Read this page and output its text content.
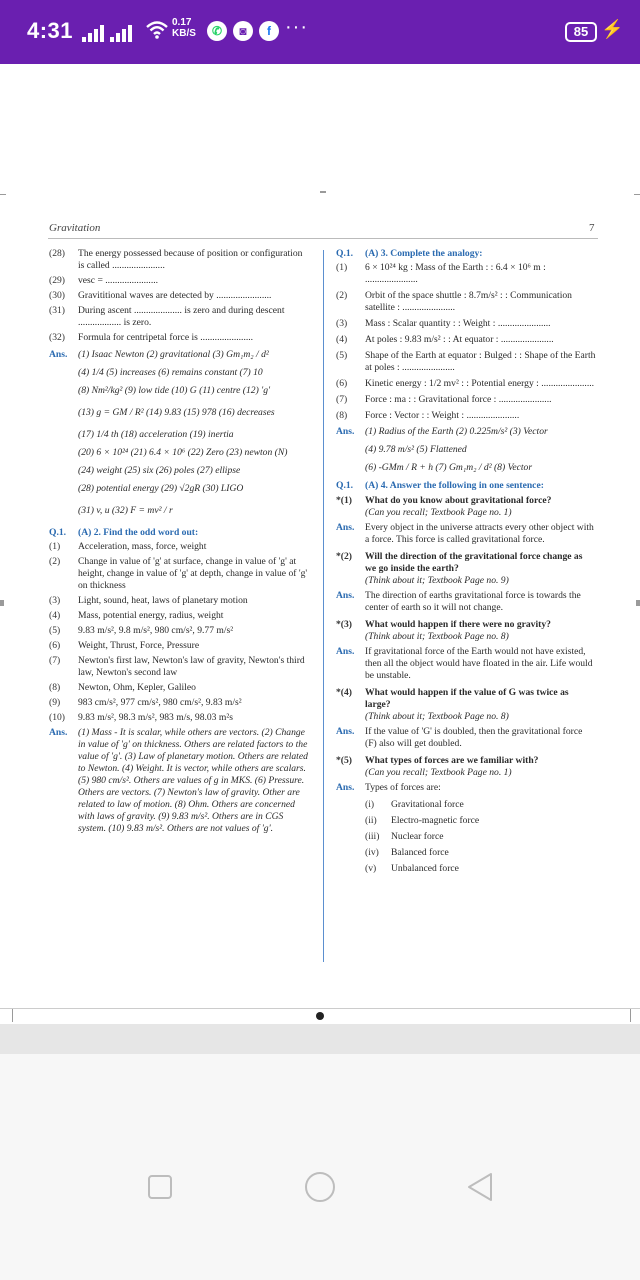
4:31	0.17
KB/S	✆	◙	f ···	85 ⚡
Gravitation	7
(28)	The energy possessed because of position or configuration is called ......................
(29)	vesc = ......................
(30)	Gravititional waves are detected by .......................
(31)	During ascent .................... is zero and during descent .................. is zero.
(32)	Formula for centripetal force is ......................
Ans. (1) Isaac Newton (2) gravitational (3) Gm₁m₂ / d²
(4) 1/4 (5) increases (6) remains constant (7) 10
(8) Nm²/kg² (9) low tide (10) G (11) centre (12) 'g'
(13) g = GM / R² (14) 9.83 (15) 978 (16) decreases
(17) 1/4 th (18) acceleration (19) inertia
(20) 6 × 10²⁴ (21) 6.4 × 10⁶ (22) Zero (23) newton (N)
(24) weight (25) six (26) poles (27) ellipse
(28) potential energy (29) √2gR (30) LIGO
(31) v, u (32) F = mv² / r
Q.1.	(A) 2. Find the odd word out:
(1)	Acceleration, mass, force, weight
(2)	Change in value of 'g' at surface, change in value of 'g' at height, change in value of 'g' at depth, change in value of 'g' on thickness
(3)	Light, sound, heat, laws of planetary motion
(4)	Mass, potential energy, radius, weight
(5)	9.83 m/s², 9.8 m/s², 980 cm/s², 9.77 m/s²
(6)	Weight, Thrust, Force, Pressure
(7)	Newton's first law, Newton's law of gravity, Newton's third law, Newton's second law
(8)	Newton, Ohm, Kepler, Galileo
(9)	983 cm/s², 977 cm/s², 980 cm/s², 9.83 m/s²
(10)	9.83 m/s², 98.3 m/s², 983 m/s, 98.03 m²s
Ans.	(1) Mass - It is scalar, while others are vectors. (2) Change in value of 'g' on thickness. Others are related factors to the value of 'g'. (3) Law of planetary motion. Others are related to Newton. (4) Weight. It is vector, while others are scalars. (5) 980 cm/s². Others are values of g in MKS. (6) Pressure. Others are vectors. (7) Newton's law of gravity. Other are related to law of motion. (8) Ohm. Others are concerned with laws of gravity. (9) 9.83 m/s². Others are in CGS system. (10) 9.83 m/s². Others are not values of 'g'.
Q.1.	(A) 3. Complete the analogy:
(1)	6 × 10²⁴ kg : Mass of the Earth : : 6.4 × 10⁶ m : ......................
(2)	Orbit of the space shuttle : 8.7m/s² : : Communication satellite : ......................
(3)	Mass : Scalar quantity : : Weight : ......................
(4)	At poles : 9.83 m/s² : : At equator : ......................
(5)	Shape of the Earth at equator : Bulged : : Shape of the Earth at poles : ......................
(6)	Kinetic energy : 1/2 mv² : : Potential energy : ......................
(7)	Force : ma : : Gravitational force : ......................
(8)	Force : Vector : : Weight : ......................
Ans. (1) Radius of the Earth (2) 0.225m/s² (3) Vector
(4) 9.78 m/s² (5) Flattened
(6) -GMm / R + h (7) Gm₁m₂ / d² (8) Vector
Q.1.	(A) 4. Answer the following in one sentence:
*(1)	What do you know about gravitational force?
(Can you recall; Textbook Page no. 1)
Ans.	Every object in the universe attracts every other object with a force. This force is called gravitational force.
*(2)	Will the direction of the gravitational force change as we go inside the earth?
(Think about it; Textbook Page no. 9)
Ans.	The direction of earths gravitational force is towards the center of earth so it will not change.
*(3)	What would happen if there were no gravity?
(Think about it; Textbook Page no. 8)
Ans.	If gravitational force of the Earth would not have existed, then all the object would have floated in the air. Life would be unstable.
*(4)	What would happen if the value of G was twice as large?
(Think about it; Textbook Page no. 8)
Ans.	If the value of 'G' is doubled, then the gravitational force (F) also will get doubled.
*(5)	What types of forces are we familiar with?
(Can you recall; Textbook Page no. 1)
Ans.	Types of forces are:
(i)	Gravitational force
(ii)	Electro-magnetic force
(iii)	Nuclear force
(iv)	Balanced force
(v)	Unbalanced force
